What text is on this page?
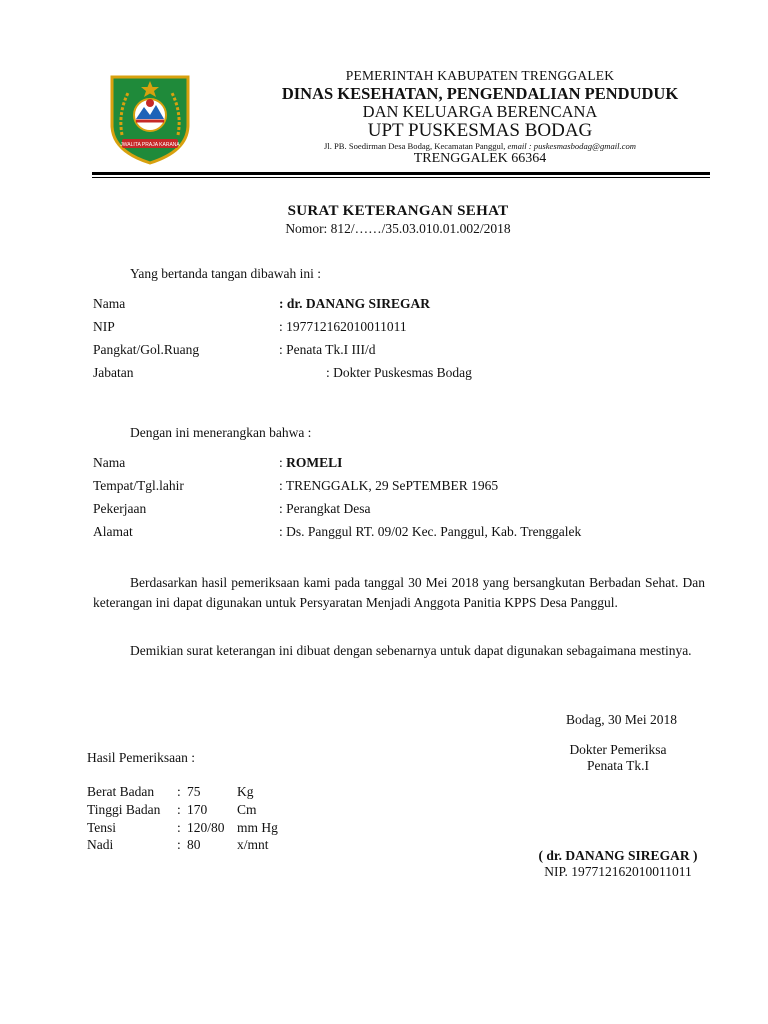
JWALITA PRAJA KARANA
PEMERINTAH KABUPATEN TRENGGALEK
DINAS KESEHATAN, PENGENDALIAN PENDUDUK
DAN KELUARGA BERENCANA
UPT PUSKESMAS BODAG
Jl. PB. Soedirman Desa Bodag, Kecamatan Panggul, email : puskesmasbodag@gmail.com
TRENGGALEK 66364
SURAT KETERANGAN SEHAT
Nomor: 812/……/35.03.010.01.002/2018
Yang bertanda tangan dibawah ini :
Nama	: dr. DANANG SIREGAR
NIP	: 197712162010011011
Pangkat/Gol.Ruang	: Penata Tk.I III/d
Jabatan	: Dokter Puskesmas Bodag
Dengan ini menerangkan bahwa :
Nama	: ROMELI
Tempat/Tgl.lahir	: TRENGGALK, 29 SePTEMBER 1965
Pekerjaan	: Perangkat Desa
Alamat	: Ds. Panggul RT. 09/02 Kec. Panggul, Kab. Trenggalek
Berdasarkan hasil pemeriksaan kami pada tanggal 30 Mei 2018 yang bersangkutan Berbadan Sehat. Dan keterangan ini dapat digunakan untuk Persyaratan Menjadi Anggota Panitia KPPS Desa Panggul.
Demikian surat keterangan ini dibuat dengan sebenarnya untuk dapat digunakan sebagaimana mestinya.
Bodag, 30 Mei 2018
Hasil Pemeriksaan :
Berat Badan : 75	Kg
Tinggi Badan : 170 Cm
Tensi	: 120/80 mm Hg
Nadi	: 80	x/mnt
Dokter Pemeriksa
Penata Tk.I
( dr. DANANG SIREGAR )
NIP. 197712162010011011
